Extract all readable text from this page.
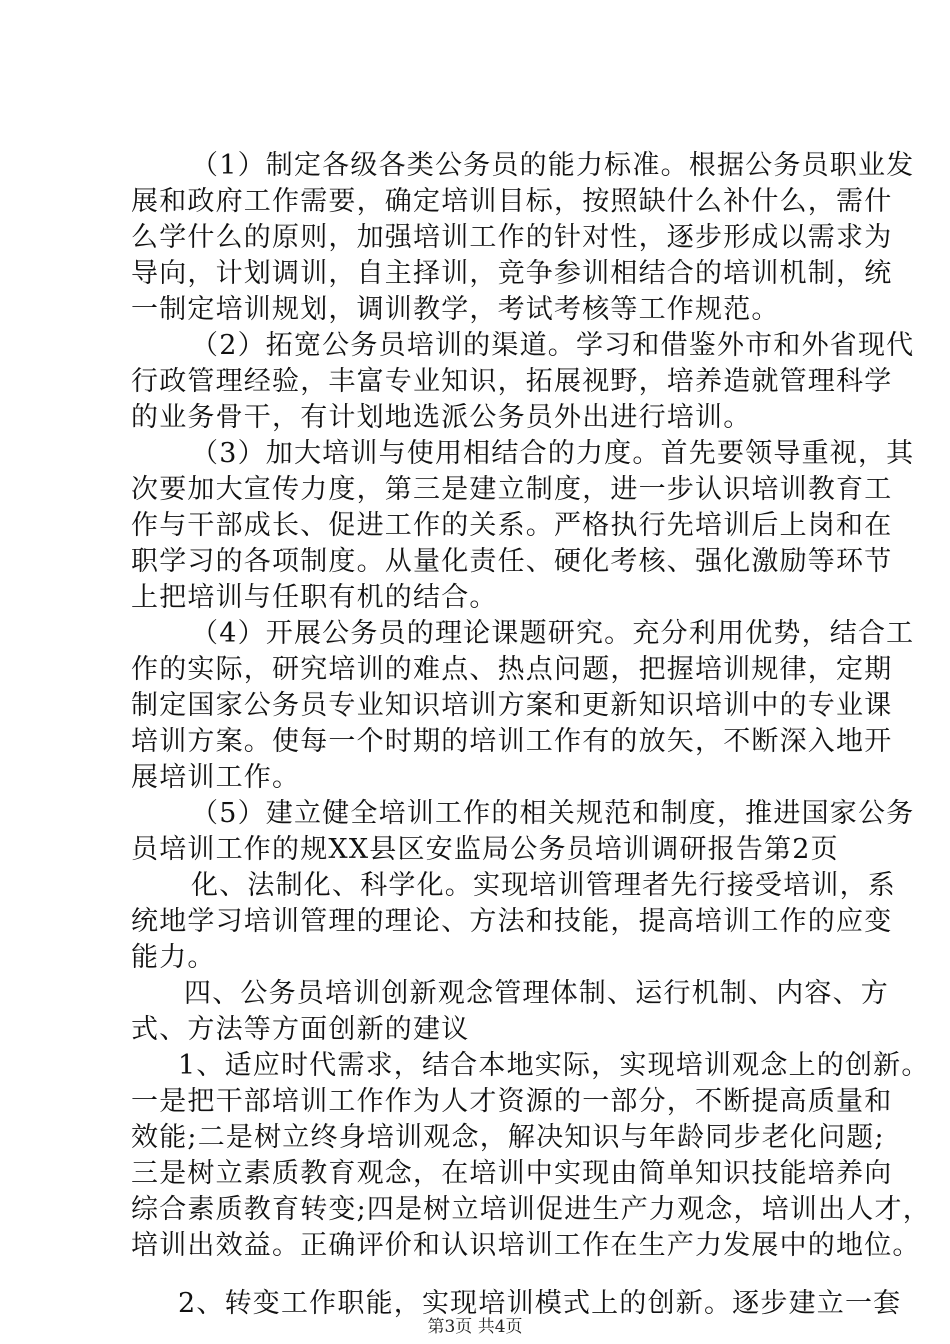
（1）制定各级各类公务员的能力标准。根据公务员职业发
展和政府工作需要，确定培训目标，按照缺什么补什么，需什
么学什么的原则，加强培训工作的针对性，逐步形成以需求为
导向，计划调训，自主择训，竞争参训相结合的培训机制，统
一制定培训规划，调训教学，考试考核等工作规范。
（2）拓宽公务员培训的渠道。学习和借鉴外市和外省现代
行政管理经验，丰富专业知识，拓展视野，培养造就管理科学
的业务骨干，有计划地选派公务员外出进行培训。
（3）加大培训与使用相结合的力度。首先要领导重视，其
次要加大宣传力度，第三是建立制度，进一步认识培训教育工
作与干部成长、促进工作的关系。严格执行先培训后上岗和在
职学习的各项制度。从量化责任、硬化考核、强化激励等环节
上把培训与任职有机的结合。
（4）开展公务员的理论课题研究。充分利用优势，结合工
作的实际，研究培训的难点、热点问题，把握培训规律，定期
制定国家公务员专业知识培训方案和更新知识培训中的专业课
培训方案。使每一个时期的培训工作有的放矢，不断深入地开
展培训工作。
（5）建立健全培训工作的相关规范和制度，推进国家公务
员培训工作的规XX县区安监局公务员培训调研报告第2页
化、法制化、科学化。实现培训管理者先行接受培训，系
统地学习培训管理的理论、方法和技能，提高培训工作的应变
能力。
四、公务员培训创新观念管理体制、运行机制、内容、方
式、方法等方面创新的建议
1、适应时代需求，结合本地实际，实现培训观念上的创新。
一是把干部培训工作作为人才资源的一部分，不断提高质量和
效能;二是树立终身培训观念，解决知识与年龄同步老化问题;
三是树立素质教育观念，在培训中实现由简单知识技能培养向
综合素质教育转变;四是树立培训促进生产力观念，培训出人才，
培训出效益。正确评价和认识培训工作在生产力发展中的地位。
2、转变工作职能，实现培训模式上的创新。逐步建立一套
第3页 共4页
